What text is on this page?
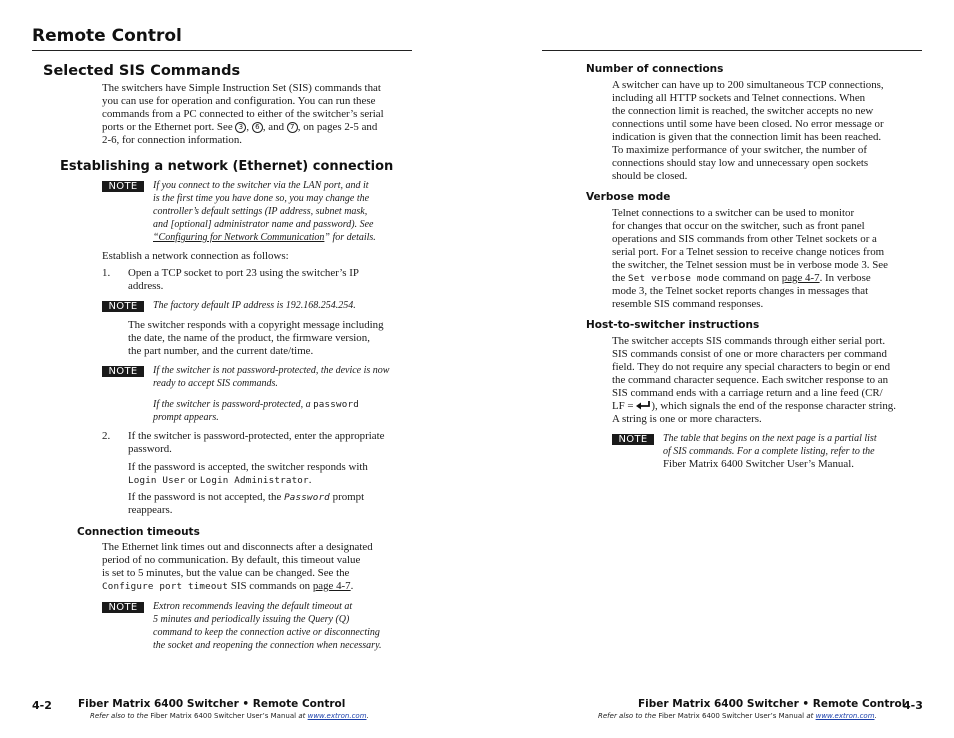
Remote Control
Selected SIS Commands

The switchers have Simple Instruction Set (SIS) commands that

you can use for operation and configuration. You can run these

commands from a PC connected to either of the switcher’s serial

ports or the Ethernet port. See 3 , 6 , and 7 , on pages 2-5 and

2-6, for connection information.

Establishing a network (Ethernet) connection
NOTE	If you connect to the switcher via the LAN port, and it

is the first time you have done so, you may change the

controller’s default settings (IP address, subnet mask,

and [optional] administrator name and password). See

“Configuring for Network Communication” for details.

Establish a network connection as follows:
1. Open a TCP socket to port 23 using the switcher’s IP

address.

NOTE	The factory default IP address is 192.168.254.254.

The switcher responds with a copyright message including

the date, the name of the product, the firmware version,

the part number, and the current date/time.

NOTE	If the switcher is not password-protected, the device is now

ready to accept SIS commands.

If the switcher is password-protected, a password

prompt appears.

2. If the switcher is password-protected, enter the appropriate

password.

If the password is accepted, the switcher responds with

Login User or Login Administrator.

If the password is not accepted, the Password prompt

reappears.

Connection timeouts

The Ethernet link times out and disconnects after a designated

period of no communication. By default, this timeout value

is set to 5 minutes, but the value can be changed. See the

Configure port timeout SIS commands on page 4-7.

NOTE	Extron recommends leaving the default timeout at

5 minutes and periodically issuing the Query (Q)

command to keep the connection active or disconnecting

the socket and reopening the connection when necessary.

4-2 Fiber Matrix 6400 Switcher • Remote Control
Refer also to the Fiber Matrix 6400 Switcher User’s Manual at www.extron.com.
Number of connections

A switcher can have up to 200 simultaneous TCP connections,

including all HTTP sockets and Telnet connections. When

the connection limit is reached, the switcher accepts no new

connections until some have been closed. No error message or

indication is given that the connection limit has been reached.

To maximize performance of your switcher, the number of

connections should stay low and unnecessary open sockets

should be closed.

Verbose mode

Telnet connections to a switcher can be used to monitor

for changes that occur on the switcher, such as front panel

operations and SIS commands from other Telnet sockets or a

serial port. For a Telnet session to receive change notices from

the switcher, the Telnet session must be in verbose mode 3. See

the Set verbose mode command on page 4-7. In verbose

mode 3, the Telnet socket reports changes in messages that

resemble SIS command responses.

Host-to-switcher instructions

The switcher accepts SIS commands through either serial port.

SIS commands consist of one or more characters per command

field. They do not require any special characters to begin or end

the command character sequence. Each switcher response to an

SIS command ends with a carriage return and a line feed (CR/

LF = ), which signals the end of the response character string.

A string is one or more characters.

NOTE	The table that begins on the next page is a partial list

of SIS commands. For a complete listing, refer to the

Fiber Matrix 6400 Switcher User’s Manual.

Fiber Matrix 6400 Switcher • Remote Control
4-3
Refer also to the Fiber Matrix 6400 Switcher User’s Manual at www.extron.com.
